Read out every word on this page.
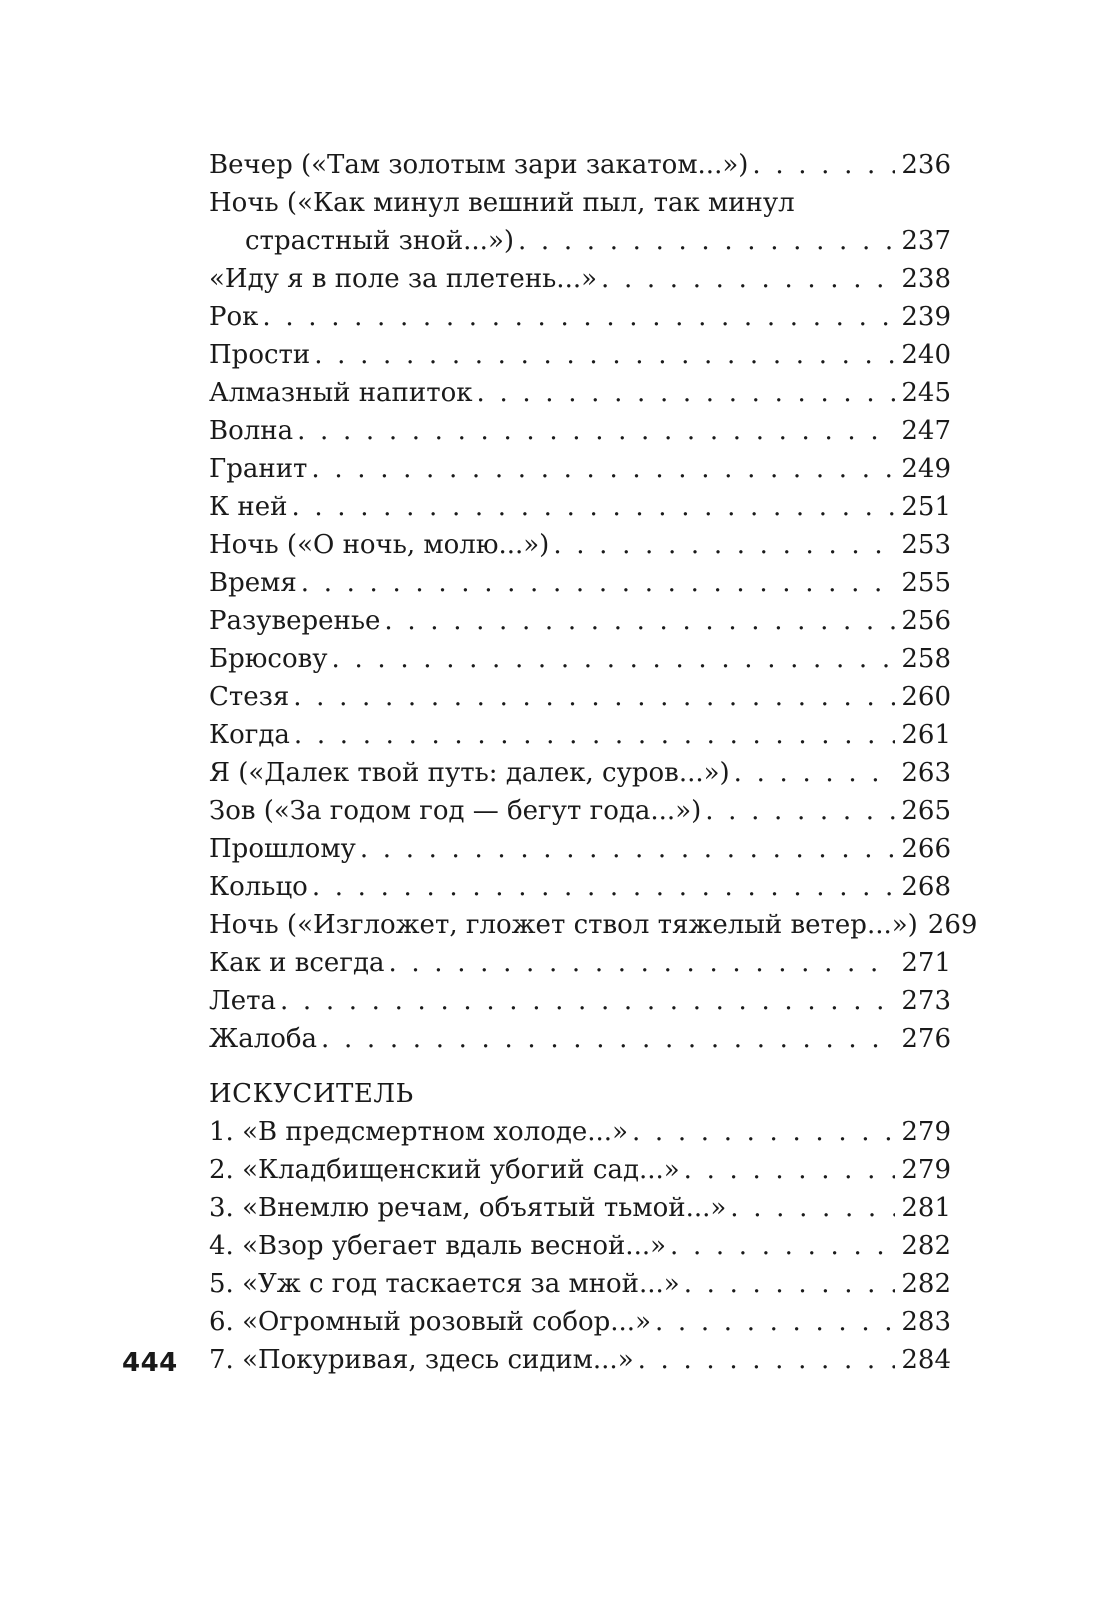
Вечер («Там золотым зари закатом...») . . .	236
Ночь («Как минул вешний пыл, так минул
страстный зной...») . . .	237
«Иду я в поле за плетень...» . . .	238
Рок . . .	239
Прости . . .	240
Алмазный напиток . . .	245
Волна . . .	247
Гранит . . .	249
К ней . . .	251
Ночь («О ночь, молю...») . . .	253
Время . . .	255
Разуверенье . . .	256
Брюсову . . .	258
Стезя . . .	260
Когда . . .	261
Я («Далек твой путь: далек, суров...») . . .	263
Зов («За годом год — бегут года...») . . .	265
Прошлому . . .	266
Кольцо . . .	268
Ночь («Изгложет, гложет ствол тяжелый ветер...») 269
Как и всегда . . .	271
Лета . . .	273
Жалоба . . .	276
ИСКУСИТЕЛЬ
1. «В предсмертном холоде...» . . .	279
2. «Кладбищенский убогий сад...» . . .	279
3. «Внемлю речам, объятый тьмой...» . . .	281
4. «Взор убегает вдаль весной...» . . .	282
5. «Уж с год таскается за мной...» . . .	282
6. «Огромный розовый собор...» . . .	283
7. «Покуривая, здесь сидим...» . . .	284
444
